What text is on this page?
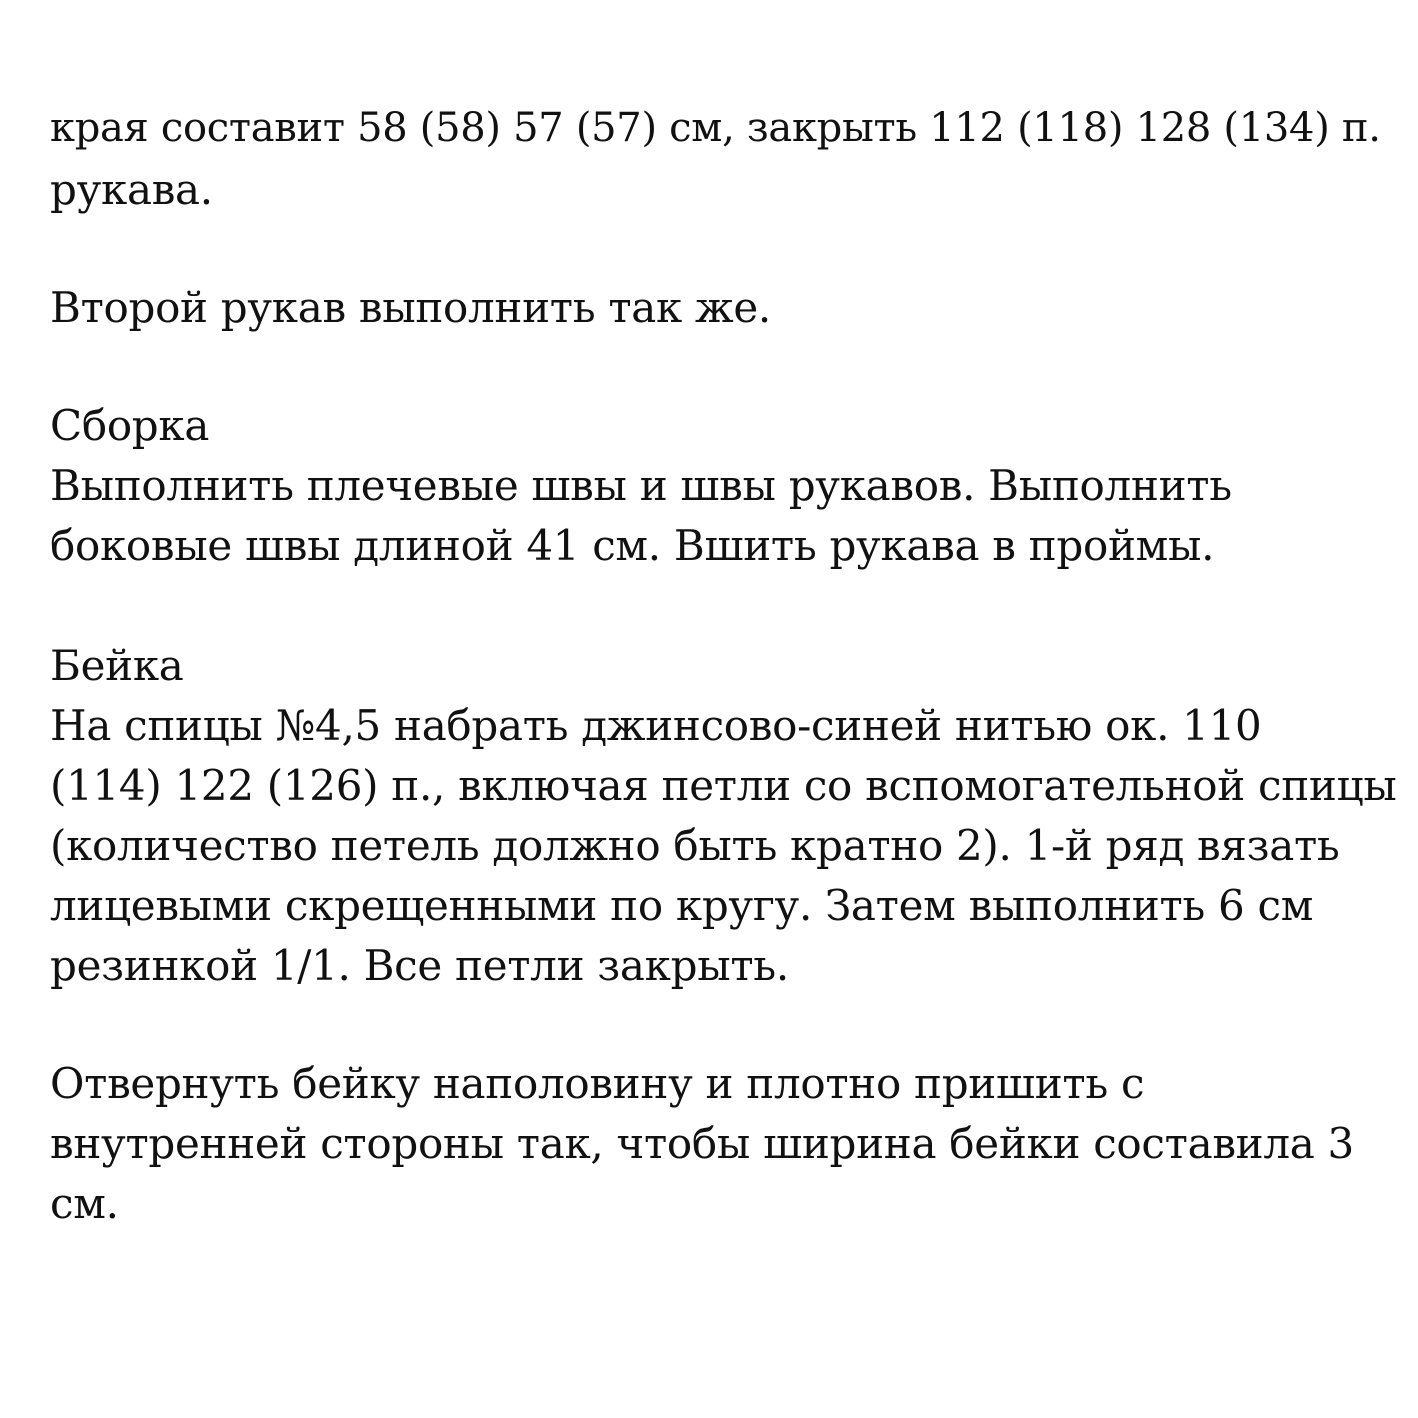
края составит 58 (58) 57 (57) см, закрыть 112 (118) 128 (134) п.
рукава.
Второй рукав выполнить так же.
Сборка
Выполнить плечевые швы и швы рукавов. Выполнить
боковые швы длиной 41 см. Вшить рукава в проймы.
Бейка
На спицы №4,5 набрать джинсово-синей нитью ок. 110
(114) 122 (126) п., включая петли со вспомогательной спицы
(количество петель должно быть кратно 2). 1-й ряд вязать
лицевыми скрещенными по кругу. Затем выполнить 6 см
резинкой 1/1. Все петли закрыть.
Отвернуть бейку наполовину и плотно пришить с
внутренней стороны так, чтобы ширина бейки составила 3
см.
